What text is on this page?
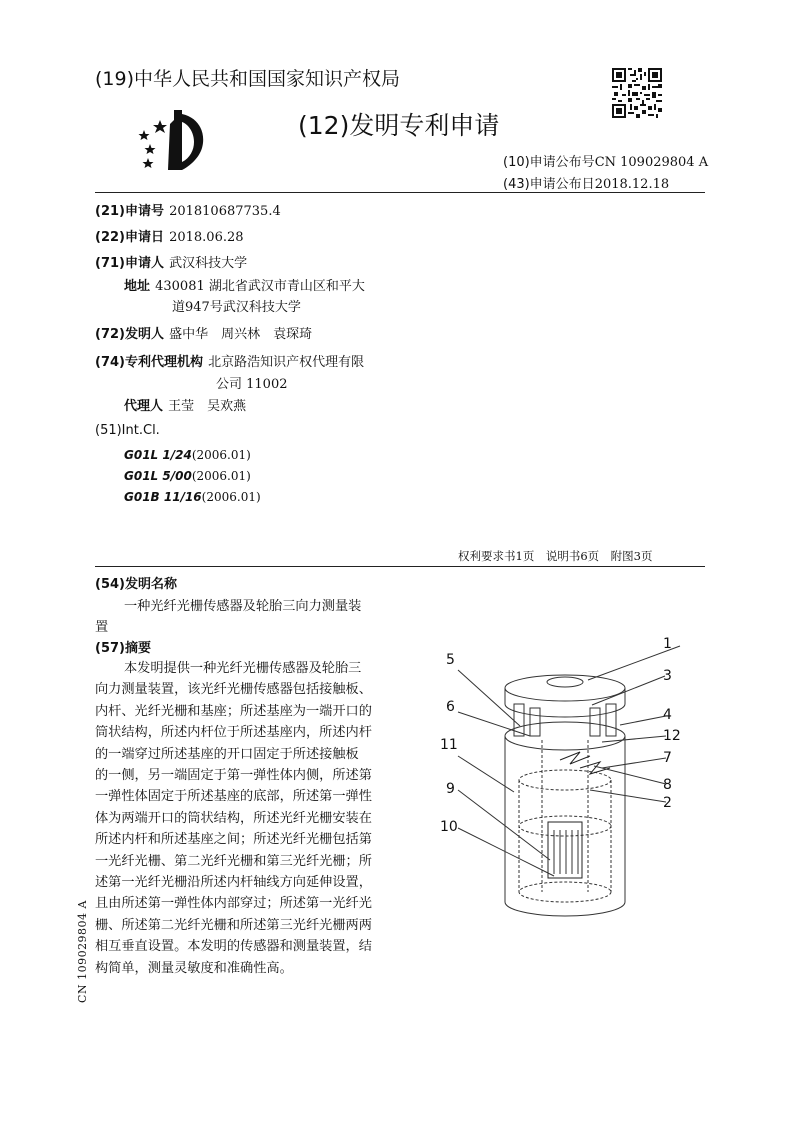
(19)中华人民共和国国家知识产权局
(12)发明专利申请
(10)申请公布号CN 109029804 A
(43)申请公布日2018.12.18
(21)申请号 201810687735.4
(22)申请日 2018.06.28
(71)申请人 武汉科技大学
地址 430081 湖北省武汉市青山区和平大
道947号武汉科技大学
(72)发明人 盛中华　周兴林　袁琛琦
(74)专利代理机构 北京路浩知识产权代理有限
公司 11002
代理人 王莹　吴欢燕
(51)Int.Cl.
G01L 1/24(2006.01)
G01L 5/00(2006.01)
G01B 11/16(2006.01)
权利要求书1页　说明书6页　附图3页
(54)发明名称
一种光纤光栅传感器及轮胎三向力测量装
置
(57)摘要
本发明提供一种光纤光栅传感器及轮胎三
向力测量装置，该光纤光栅传感器包括接触板、
内杆、光纤光栅和基座；所述基座为一端开口的
筒状结构，所述内杆位于所述基座内，所述内杆
的一端穿过所述基座的开口固定于所述接触板
的一侧，另一端固定于第一弹性体内侧，所述第
一弹性体固定于所述基座的底部，所述第一弹性
体为两端开口的筒状结构，所述光纤光栅安装在
所述内杆和所述基座之间；所述光纤光栅包括第
一光纤光栅、第二光纤光栅和第三光纤光栅；所
述第一光纤光栅沿所述内杆轴线方向延伸设置，
且由所述第一弹性体内部穿过；所述第一光纤光
栅、所述第二光纤光栅和所述第三光纤光栅两两
相互垂直设置。本发明的传感器和测量装置，结
构简单，测量灵敏度和准确性高。
CN 109029804 A
1
3
4
12
7
8
2
5
6
11
9
10
